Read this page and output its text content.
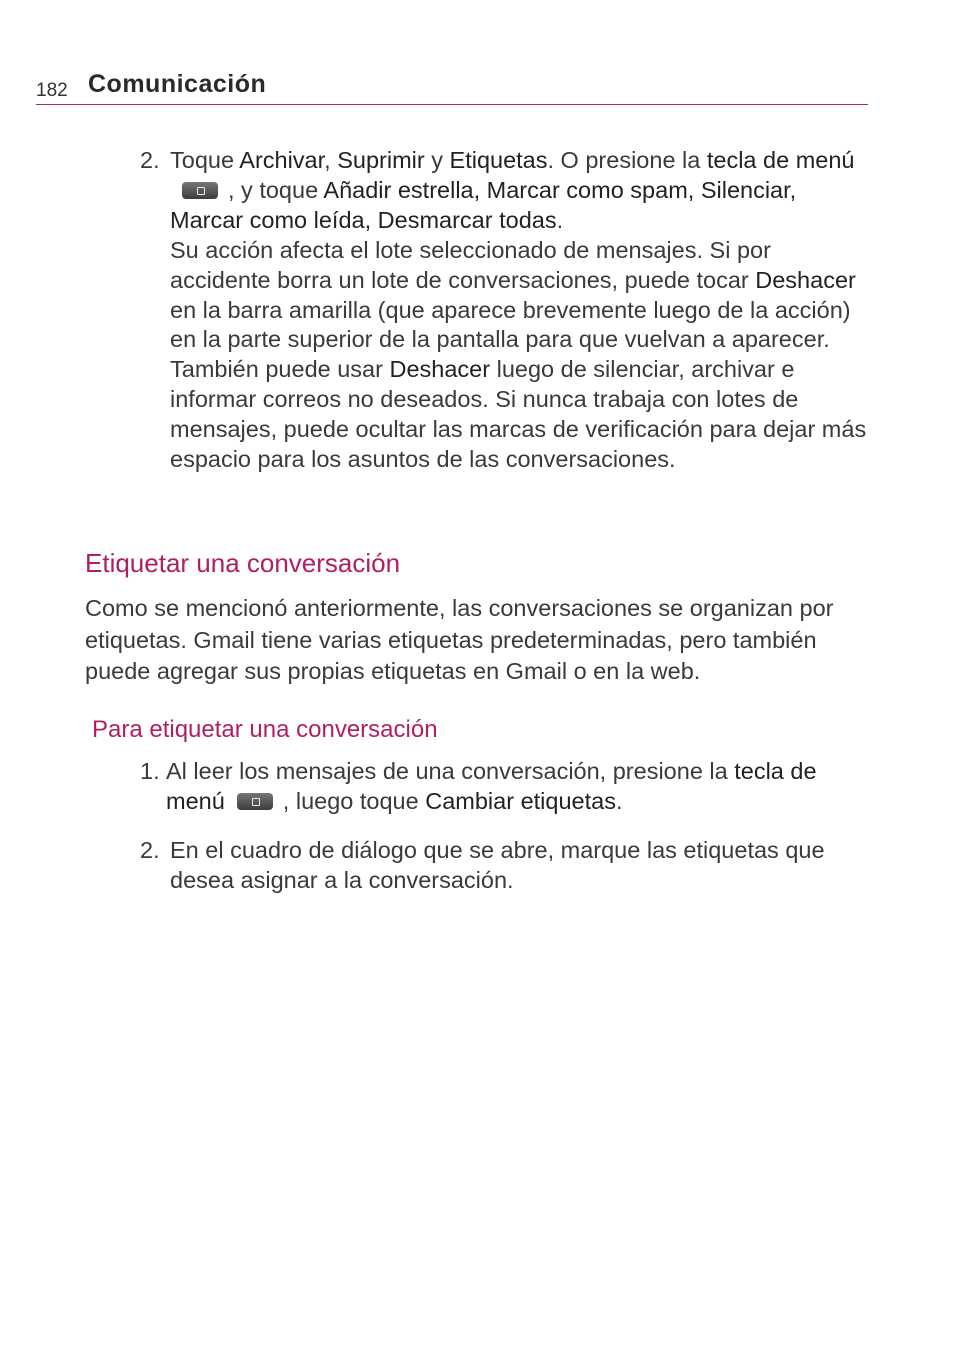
182 Comunicación
2. Toque Archivar, Suprimir y Etiquetas. O presione la tecla de menú, y toque Añadir estrella, Marcar como spam, Silenciar, Marcar como leída, Desmarcar todas.
Su acción afecta el lote seleccionado de mensajes. Si por accidente borra un lote de conversaciones, puede tocar Deshacer en la barra amarilla (que aparece brevemente luego de la acción) en la parte superior de la pantalla para que vuelvan a aparecer. También puede usar Deshacer luego de silenciar, archivar e informar correos no deseados. Si nunca trabaja con lotes de mensajes, puede ocultar las marcas de verificación para dejar más espacio para los asuntos de las conversaciones.
Etiquetar una conversación
Como se mencionó anteriormente, las conversaciones se organizan por etiquetas. Gmail tiene varias etiquetas predeterminadas, pero también puede agregar sus propias etiquetas en Gmail o en la web.
Para etiquetar una conversación
1. Al leer los mensajes de una conversación, presione la tecla de menú , luego toque Cambiar etiquetas.
2. En el cuadro de diálogo que se abre, marque las etiquetas que desea asignar a la conversación.
